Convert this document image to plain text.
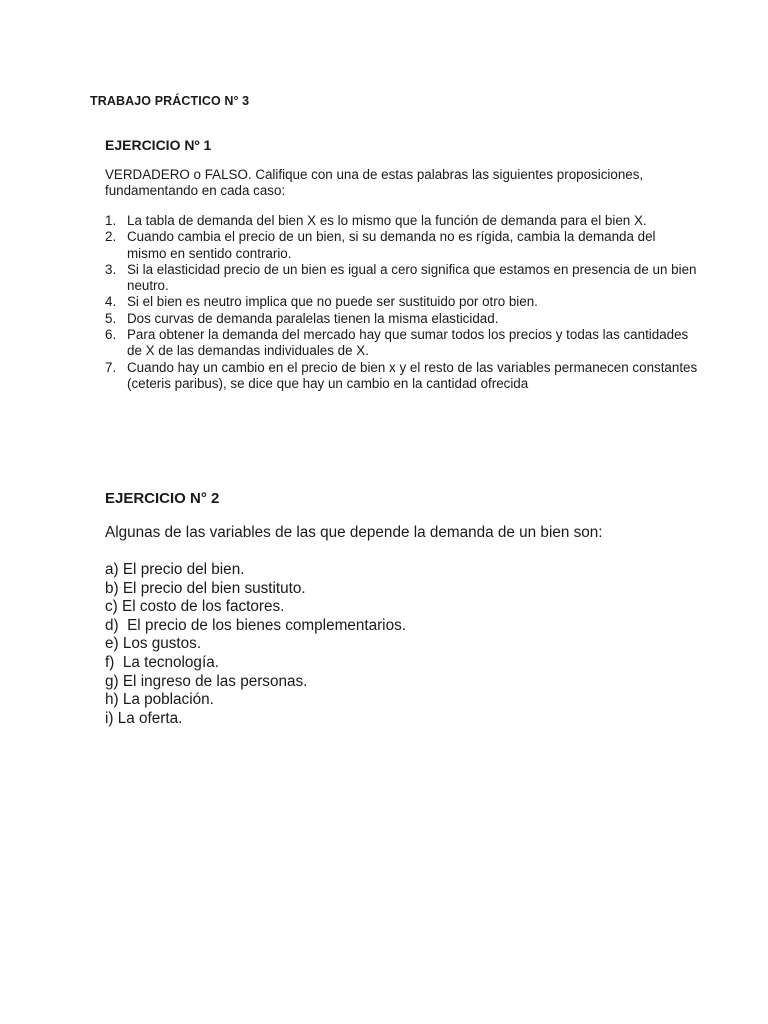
TRABAJO PRÁCTICO N° 3
EJERCICIO Nº 1
VERDADERO o FALSO. Califique con una de estas palabras las siguientes proposiciones,
fundamentando en cada caso:
1. La tabla de demanda del bien X es lo mismo que la función de demanda para el bien X.
2. Cuando cambia el precio de un bien, si su demanda no es rígida, cambia la demanda del
mismo en sentido contrario.
3. Si la elasticidad precio de un bien es igual a cero significa que estamos en presencia de un bien
neutro.
4. Si el bien es neutro implica que no puede ser sustituido por otro bien.
5. Dos curvas de demanda paralelas tienen la misma elasticidad.
6. Para obtener la demanda del mercado hay que sumar todos los precios y todas las cantidades
de X de las demandas individuales de X.
7. Cuando hay un cambio en el precio de bien x y el resto de las variables permanecen constantes
(ceteris paribus), se dice que hay un cambio en la cantidad ofrecida
EJERCICIO N° 2
Algunas de las variables de las que depende la demanda de un bien son:
a) El precio del bien.
b) El precio del bien sustituto.
c) El costo de los factores.
d)  El precio de los bienes complementarios.
e) Los gustos.
f)  La tecnología.
g) El ingreso de las personas.
h) La población.
i) La oferta.
